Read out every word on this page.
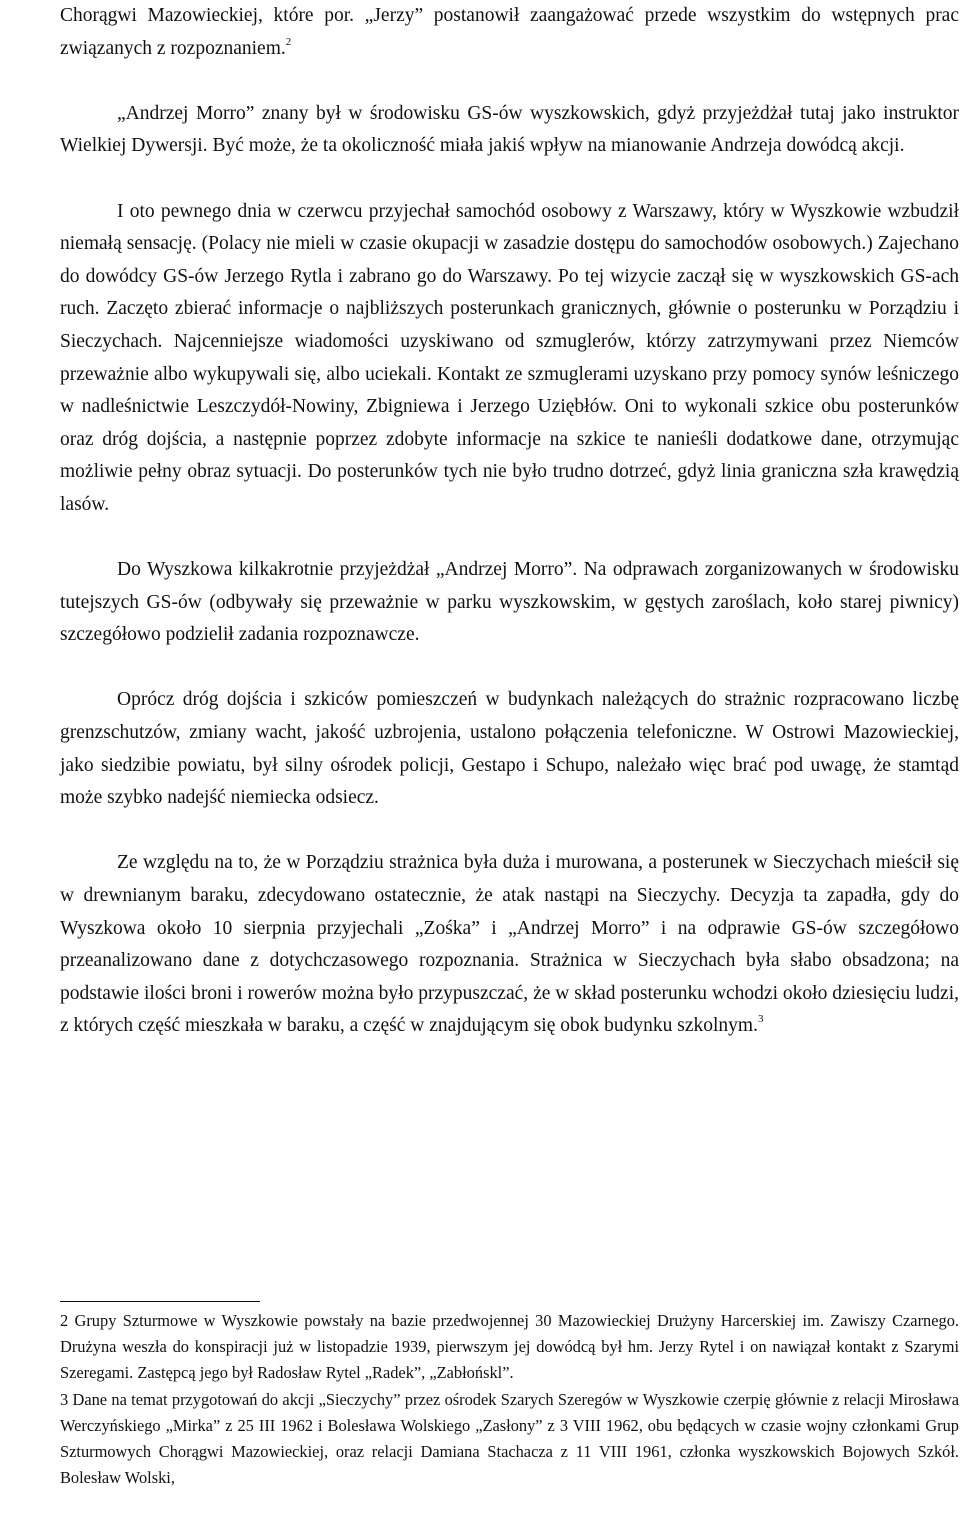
Chorągwi Mazowieckiej, które por. „Jerzy” postanowił zaangażować przede wszystkim do wstępnych prac związanych z rozpoznaniem.$^2$

„Andrzej Morro” znany był w środowisku GS-ów wyszkowskich, gdyż przyjeżdżał tutaj jako instruktor Wielkiej Dywersji. Być może, że ta okoliczność miała jakiś wpływ na mianowanie Andrzeja dowódcą akcji.

I oto pewnego dnia w czerwcu przyjechał samochód osobowy z Warszawy, który w Wyszkowie wzbudził niemałą sensację. (Polacy nie mieli w czasie okupacji w zasadzie dostępu do samochodów osobowych.) Zajechano do dowódcy GS-ów Jerzego Rytla i zabrano go do Warszawy. Po tej wizycie zaczął się w wyszkowskich GS-ach ruch. Zaczęto zbierać informacje o najbliższych posterunkach granicznych, głównie o posterunku w Porządziu i Sieczychach. Najcenniejsze wiadomości uzyskiwano od szmuglerów, którzy zatrzymywani przez Niemców przeważnie albo wykupywali się, albo uciekali. Kontakt ze szmuglerami uzyskano przy pomocy synów leśniczego w nadleśnictwie Leszczydół-Nowiny, Zbigniewa i Jerzego Uziębłów. Oni to wykonali szkice obu posterunków oraz dróg dojścia, a następnie poprzez zdobyte informacje na szkice te nanieśli dodatkowe dane, otrzymując możliwie pełny obraz sytuacji. Do posterunków tych nie było trudno dotrzeć, gdyż linia graniczna szła krawędzią lasów.

Do Wyszkowa kilkakrotnie przyjeżdżał „Andrzej Morro”. Na odprawach zorganizowanych w środowisku tutejszych GS-ów (odbywały się przeważnie w parku wyszkowskim, w gęstych zaroślach, koło starej piwnicy) szczegółowo podzielił zadania rozpoznawcze.

Oprócz dróg dojścia i szkiców pomieszczeń w budynkach należących do strażnic rozpracowano liczbę grenzschutzów, zmiany wacht, jakość uzbrojenia, ustalono połączenia telefoniczne. W Ostrowi Mazowieckiej, jako siedzibie powiatu, był silny ośrodek policji, Gestapo i Schupo, należało więc brać pod uwagę, że stamtąd może szybko nadejść niemiecka odsiecz.

Ze względu na to, że w Porządziu strażnica była duża i murowana, a posterunek w Sieczychach mieścił się w drewnianym baraku, zdecydowano ostatecznie, że atak nastąpi na Sieczychy. Decyzja ta zapadła, gdy do Wyszkowa około 10 sierpnia przyjechali „Zośka” i „Andrzej Morro” i na odprawie GS-ów szczegółowo przeanalizowano dane z dotychczasowego rozpoznania. Strażnica w Sieczychach była słabo obsadzona; na podstawie ilości broni i rowerów można było przypuszczać, że w skład posterunku wchodzi około dziesięciu ludzi, z których część mieszkała w baraku, a część w znajdującym się obok budynku szkolnym.$^3$

2 Grupy Szturmowe w Wyszkowie powstały na bazie przedwojennej 30 Mazowieckiej Drużyny Harcerskiej im. Zawiszy Czarnego. Drużyna weszła do konspiracji już w listopadzie 1939, pierwszym jej dowódcą był hm. Jerzy Rytel i on nawiązał kontakt z Szarymi Szeregami. Zastępcą jego był Radosław Rytel „Radek”, „Zabłońskl”.

3 Dane na temat przygotowań do akcji „Sieczychy” przez ośrodek Szarych Szeregów w Wyszkowie czerpię głównie z relacji Mirosława Werczyńskiego „Mirka” z 25 III 1962 i Bolesława Wolskiego „Zasłony” z 3 VIII 1962, obu będących w czasie wojny członkami Grup Szturmowych Chorągwi Mazowieckiej, oraz relacji Damiana Stachacza z 11 VIII 1961, członka wyszkowskich Bojowych Szkół. Bolesław Wolski,
